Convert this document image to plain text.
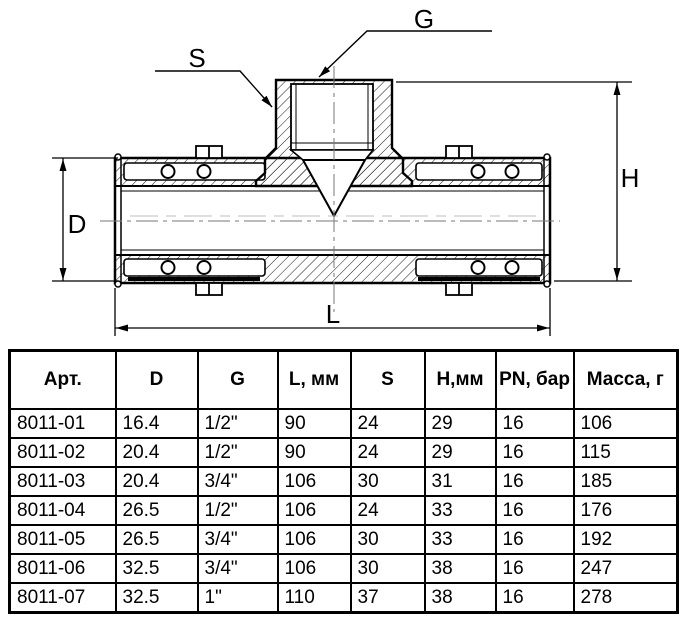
D
H
L
S
G
Арт.	D	G	L, мм	S	Н,мм	PN, бар	Масса, г
8011-01	16.4	1/2"	90	24	29	16	106
8011-02	20.4	1/2"	90	24	29	16	115
8011-03	20.4	3/4"	106	30	31	16	185
8011-04	26.5	1/2"	106	24	33	16	176
8011-05	26.5	3/4"	106	30	33	16	192
8011-06	32.5	3/4"	106	30	38	16	247
8011-07	32.5	1"	110	37	38	16	278
